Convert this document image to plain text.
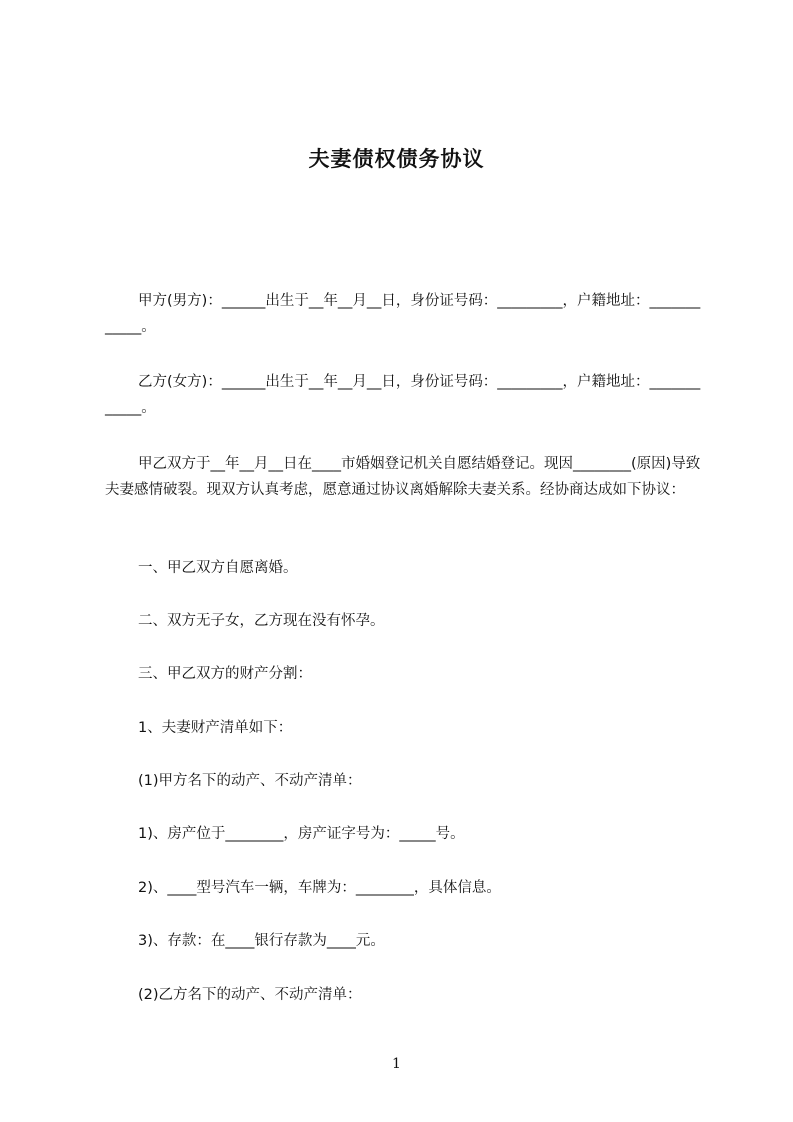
夫妻债权债务协议
甲方(男方)：______出生于__年__月__日，身份证号码：_________，户籍地址：____________。
乙方(女方)：______出生于__年__月__日，身份证号码：_________，户籍地址：____________。
甲乙双方于__年__月__日在____市婚姻登记机关自愿结婚登记。现因________(原因)导致夫妻感情破裂。现双方认真考虑，愿意通过协议离婚解除夫妻关系。经协商达成如下协议：
一、甲乙双方自愿离婚。
二、双方无子女，乙方现在没有怀孕。
三、甲乙双方的财产分割：
1、夫妻财产清单如下：
(1)甲方名下的动产、不动产清单：
1)、房产位于________，房产证字号为：_____号。
2)、____型号汽车一辆，车牌为：________，具体信息。
3)、存款：在____银行存款为____元。
(2)乙方名下的动产、不动产清单：
1
